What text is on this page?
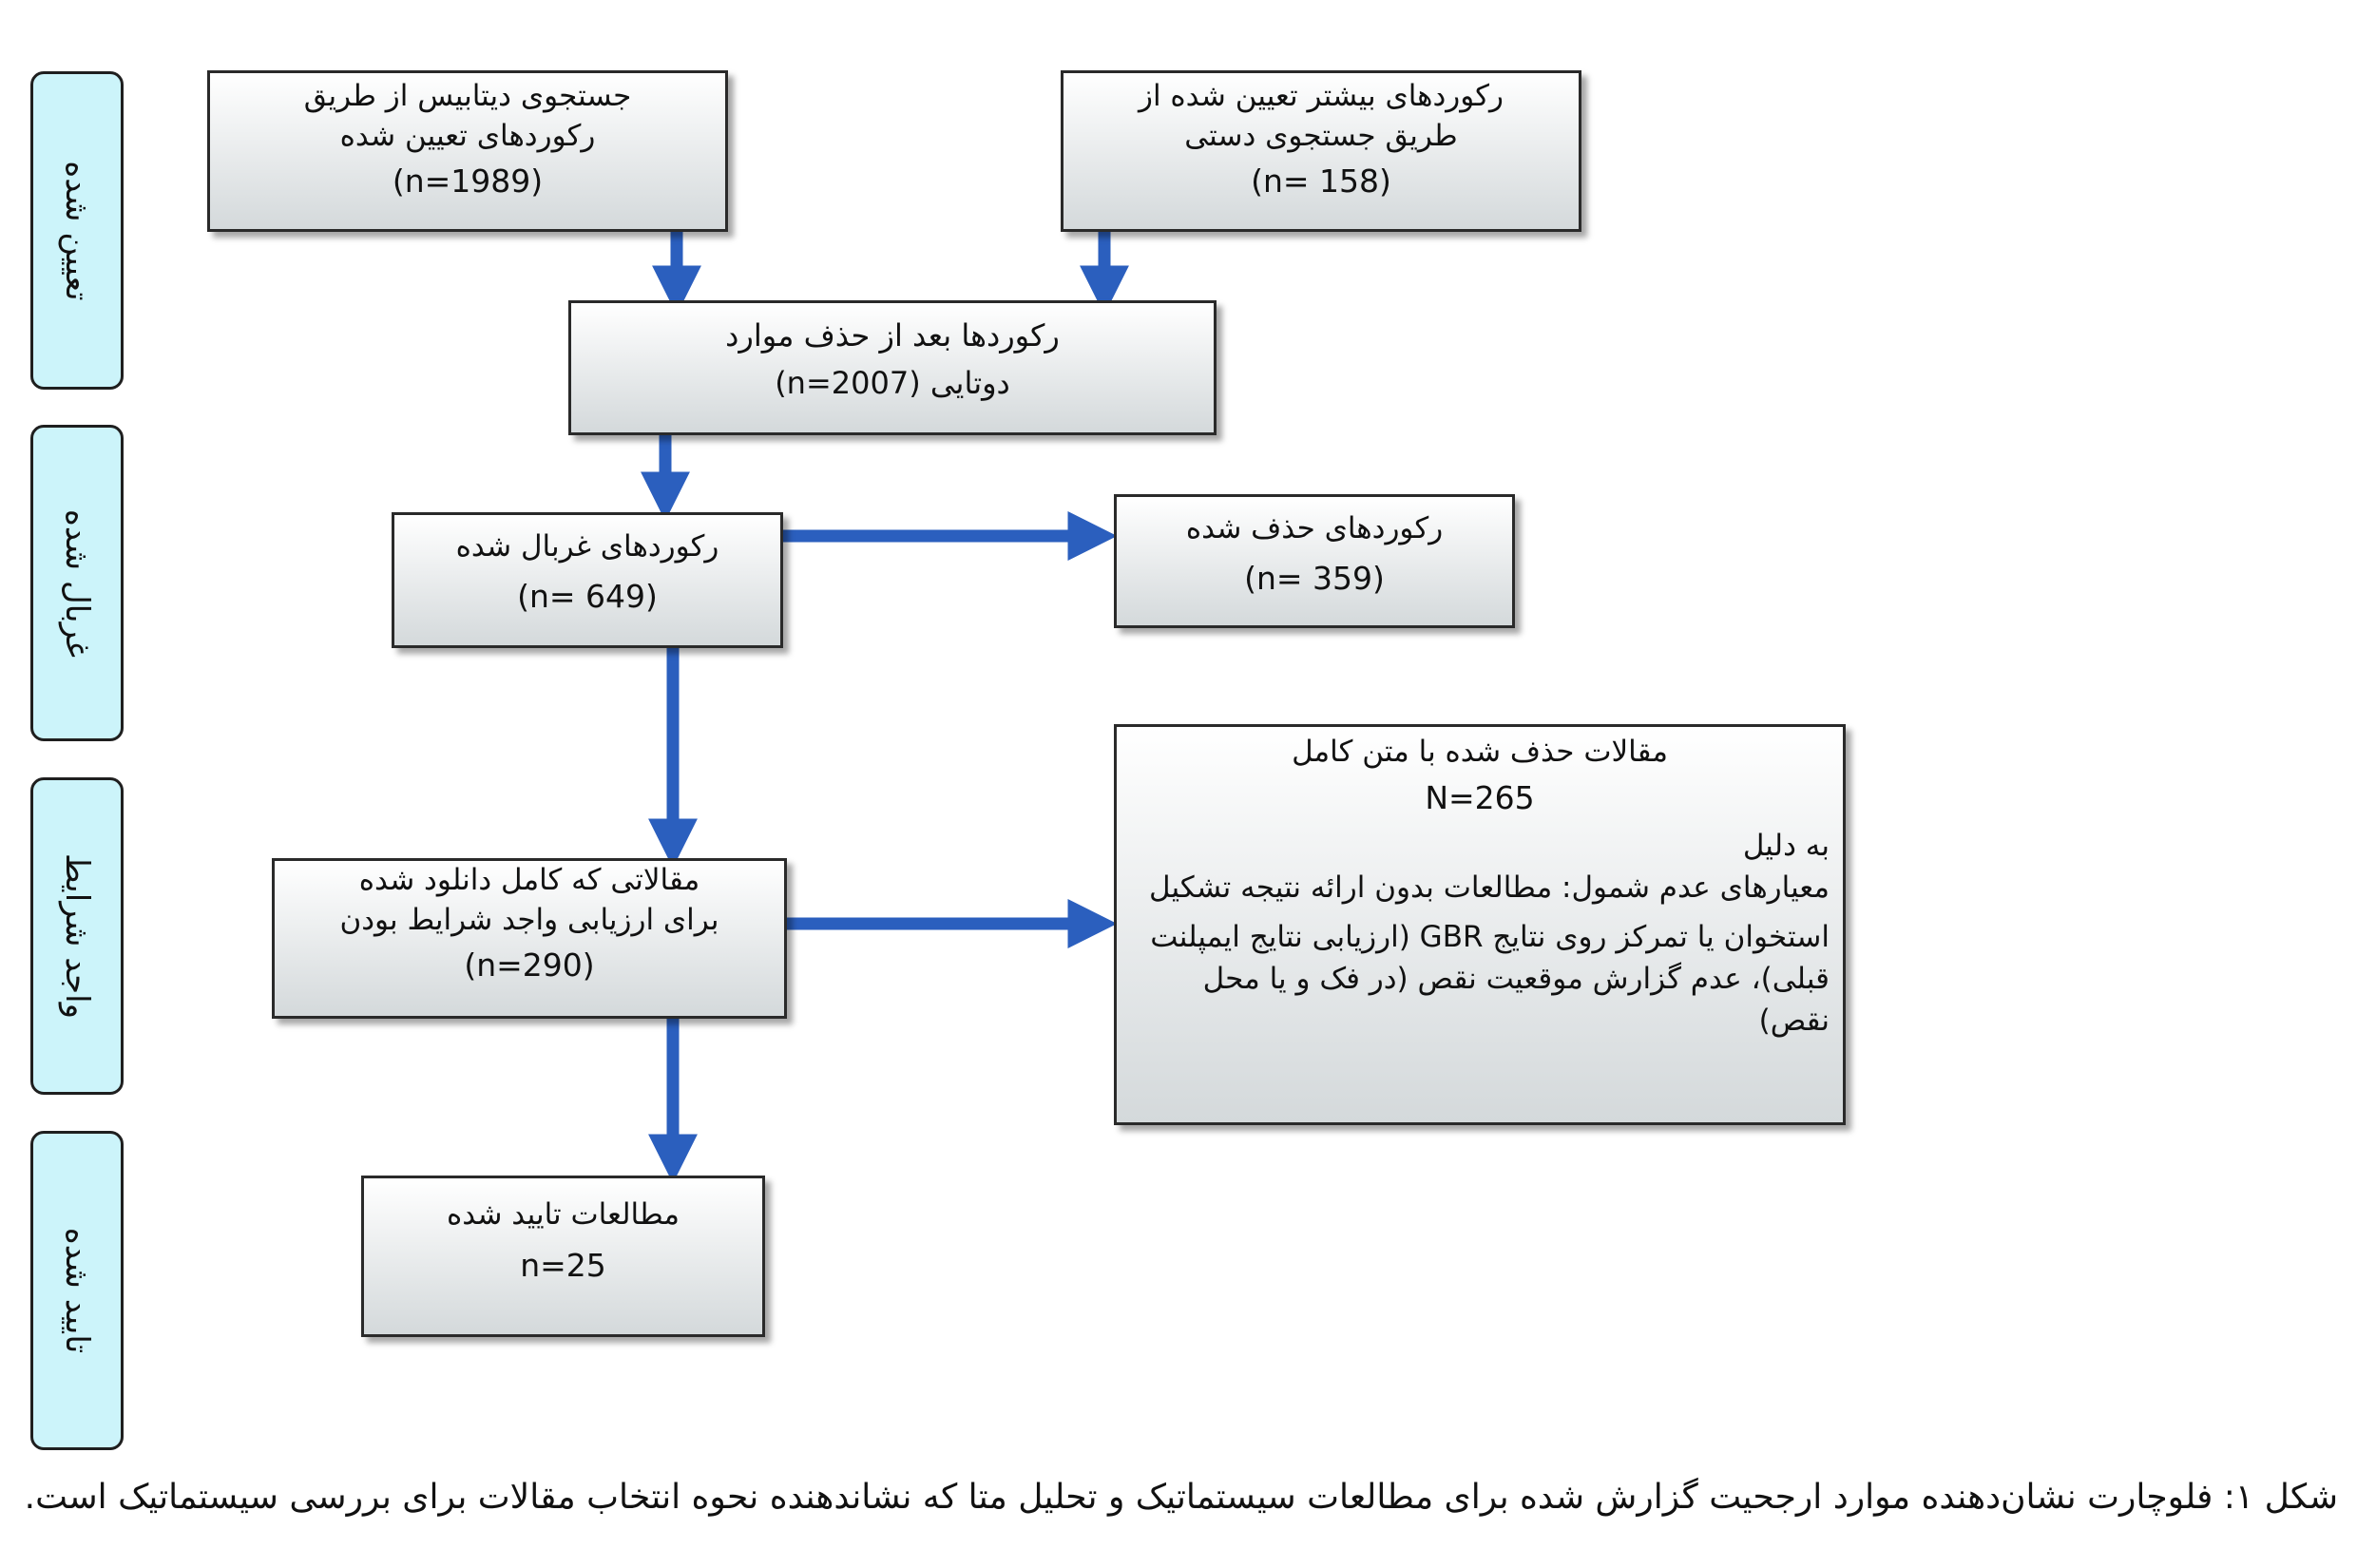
تعیین شده
غربال شده
واجد شرایط
تایید شده
جستجوی دیتابیس از طریق
رکوردهای تعیین شده
(n=1989)
رکوردهای بیشتر تعیین شده از
طریق جستجوی دستی
(n= 158)
رکوردها بعد از حذف موارد
دوتایی (n=2007)
رکوردهای غربال شده
(n= 649)
رکوردهای حذف شده
(n= 359)
مقالاتی که کامل دانلود شده
برای ارزیابی واجد شرایط بودن
(n=290)
مقالات حذف شده با متن کامل
N=265
به دلیل
معیارهای عدم شمول: مطالعات بدون ارائه نتیجه تشکیل
استخوان یا تمرکز روی نتایج GBR (ارزیابی نتایج ایمپلنت
قبلی)، عدم گزارش موقعیت نقص (در فک و یا محل نقص)
مطالعات تایید شده
n=25
شکل ۱: فلوچارت نشان‌دهنده موارد ارجحیت گزارش شده برای مطالعات سیستماتیک و تحلیل متا که نشاندهنده نحوه انتخاب مقالات برای بررسی سیستماتیک است.
